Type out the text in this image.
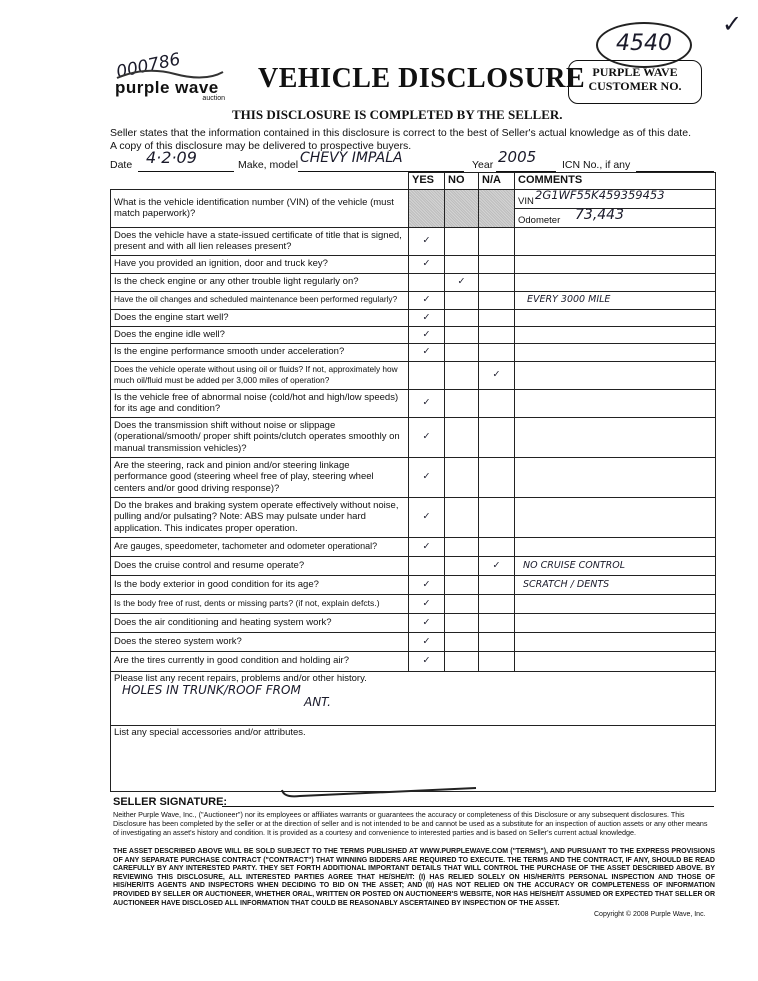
4540
✓
000786
purple wave
auction
VEHICLE DISCLOSURE PURPLE WAVE
CUSTOMER NO.
THIS DISCLOSURE IS COMPLETED BY THE SELLER.
Seller states that the information contained in this disclosure is correct to the best of Seller's actual knowledge as of this date.
A copy of this disclosure may be delivered to prospective buyers.
Date 4·2·09	Make, model CHEVY IMPALA	Year 2005 ICN No., if any
	YES	NO	N/A	COMMENTS
What is the vehicle identification number (VIN) of the vehicle (must match paperwork)?				VIN 2G1WF55K459359453
Odometer 73,443

Does the vehicle have a state-issued certificate of title that is signed, present and with all lien releases present?	✓			
Have you provided an ignition, door and truck key?	✓			
Is the check engine or any other trouble light regularly on?		✓		
Have the oil changes and scheduled maintenance been performed regularly?	✓			EVERY 3000 MILE
Does the engine start well?	✓			
Does the engine idle well?	✓			
Is the engine performance smooth under acceleration?	✓			
Does the vehicle operate without using oil or fluids? If not, approximately how much oil/fluid must be added per 3,000 miles of operation?			✓	
Is the vehicle free of abnormal noise (cold/hot and high/low speeds) for its age and condition?	✓			
Does the transmission shift without noise or slippage (operational/smooth/ proper shift points/clutch operates smoothly on manual transmission vehicles)?	✓			
Are the steering, rack and pinion and/or steering linkage performance good (steering wheel free of play, steering wheel centers and/or good driving response)?	✓			
Do the brakes and braking system operate effectively without noise, pulling and/or pulsating? Note: ABS may pulsate under hard application. This indicates proper operation.	✓			
Are gauges, speedometer, tachometer and odometer operational?	✓			
Does the cruise control and resume operate?			✓	NO CRUISE CONTROL
Is the body exterior in good condition for its age?	✓			SCRATCH / DENTS
Is the body free of rust, dents or missing parts? (if not, explain defcts.)	✓			
Does the air conditioning and heating system work?	✓			
Does the stereo system work?	✓			
Are the tires currently in good condition and holding air?	✓			

Please list any recent repairs, problems and/or other history.
HOLES IN TRUNK/ROOF FROM
ANT.				

List any special accessories and/or attributes.				
SELLER SIGNATURE:
Neither Purple Wave, Inc., ("Auctioneer") nor its employees or affiliates warrants or guarantees the accuracy or completeness of this Disclosure or any subsequent disclosures. This Disclosure has been completed by the seller or at the direction of seller and is not intended to be and cannot be used as a substitute for an inspection of auction assets or any other means of investigating an asset's history and condition. It is provided as a courtesy and convenience to interested parties and is based on Seller's current actual knowledge.
THE ASSET DESCRIBED ABOVE WILL BE SOLD SUBJECT TO THE TERMS PUBLISHED AT WWW.PURPLEWAVE.COM ("TERMS"), AND PURSUANT TO THE EXPRESS PROVISIONS OF ANY SEPARATE PURCHASE CONTRACT ("CONTRACT") THAT WINNING BIDDERS ARE REQUIRED TO EXECUTE. THE TERMS AND THE CONTRACT, IF ANY, SHOULD BE READ CAREFULLY BY ANY INTERESTED PARTY. THEY SET FORTH ADDITIONAL IMPORTANT DETAILS THAT WILL CONTROL THE PURCHASE OF THE ASSET DESCRIBED ABOVE. BY REVIEWING THIS DISCLOSURE, ALL INTERESTED PARTIES AGREE THAT HE/SHE/IT: (I) HAS RELIED SOLELY ON HIS/HER/ITS PERSONAL INSPECTION AND THOSE OF HIS/HER/ITS AGENTS AND INSPECTORS WHEN DECIDING TO BID ON THE ASSET; AND (II) HAS NOT RELIED ON THE ACCURACY OR COMPLETENESS OF INFORMATION PROVIDED BY SELLER OR AUCTIONEER, WHETHER ORAL, WRITTEN OR POSTED ON AUCTIONEER'S WEBSITE, NOR HAS HE/SHE/IT ASSUMED OR EXPECTED THAT SELLER OR AUCTIONEER HAVE DISCLOSED ALL INFORMATION THAT COULD BE REASONABLY ASCERTAINED BY INSPECTION OF THE ASSET.
Copyright © 2008 Purple Wave, Inc.
